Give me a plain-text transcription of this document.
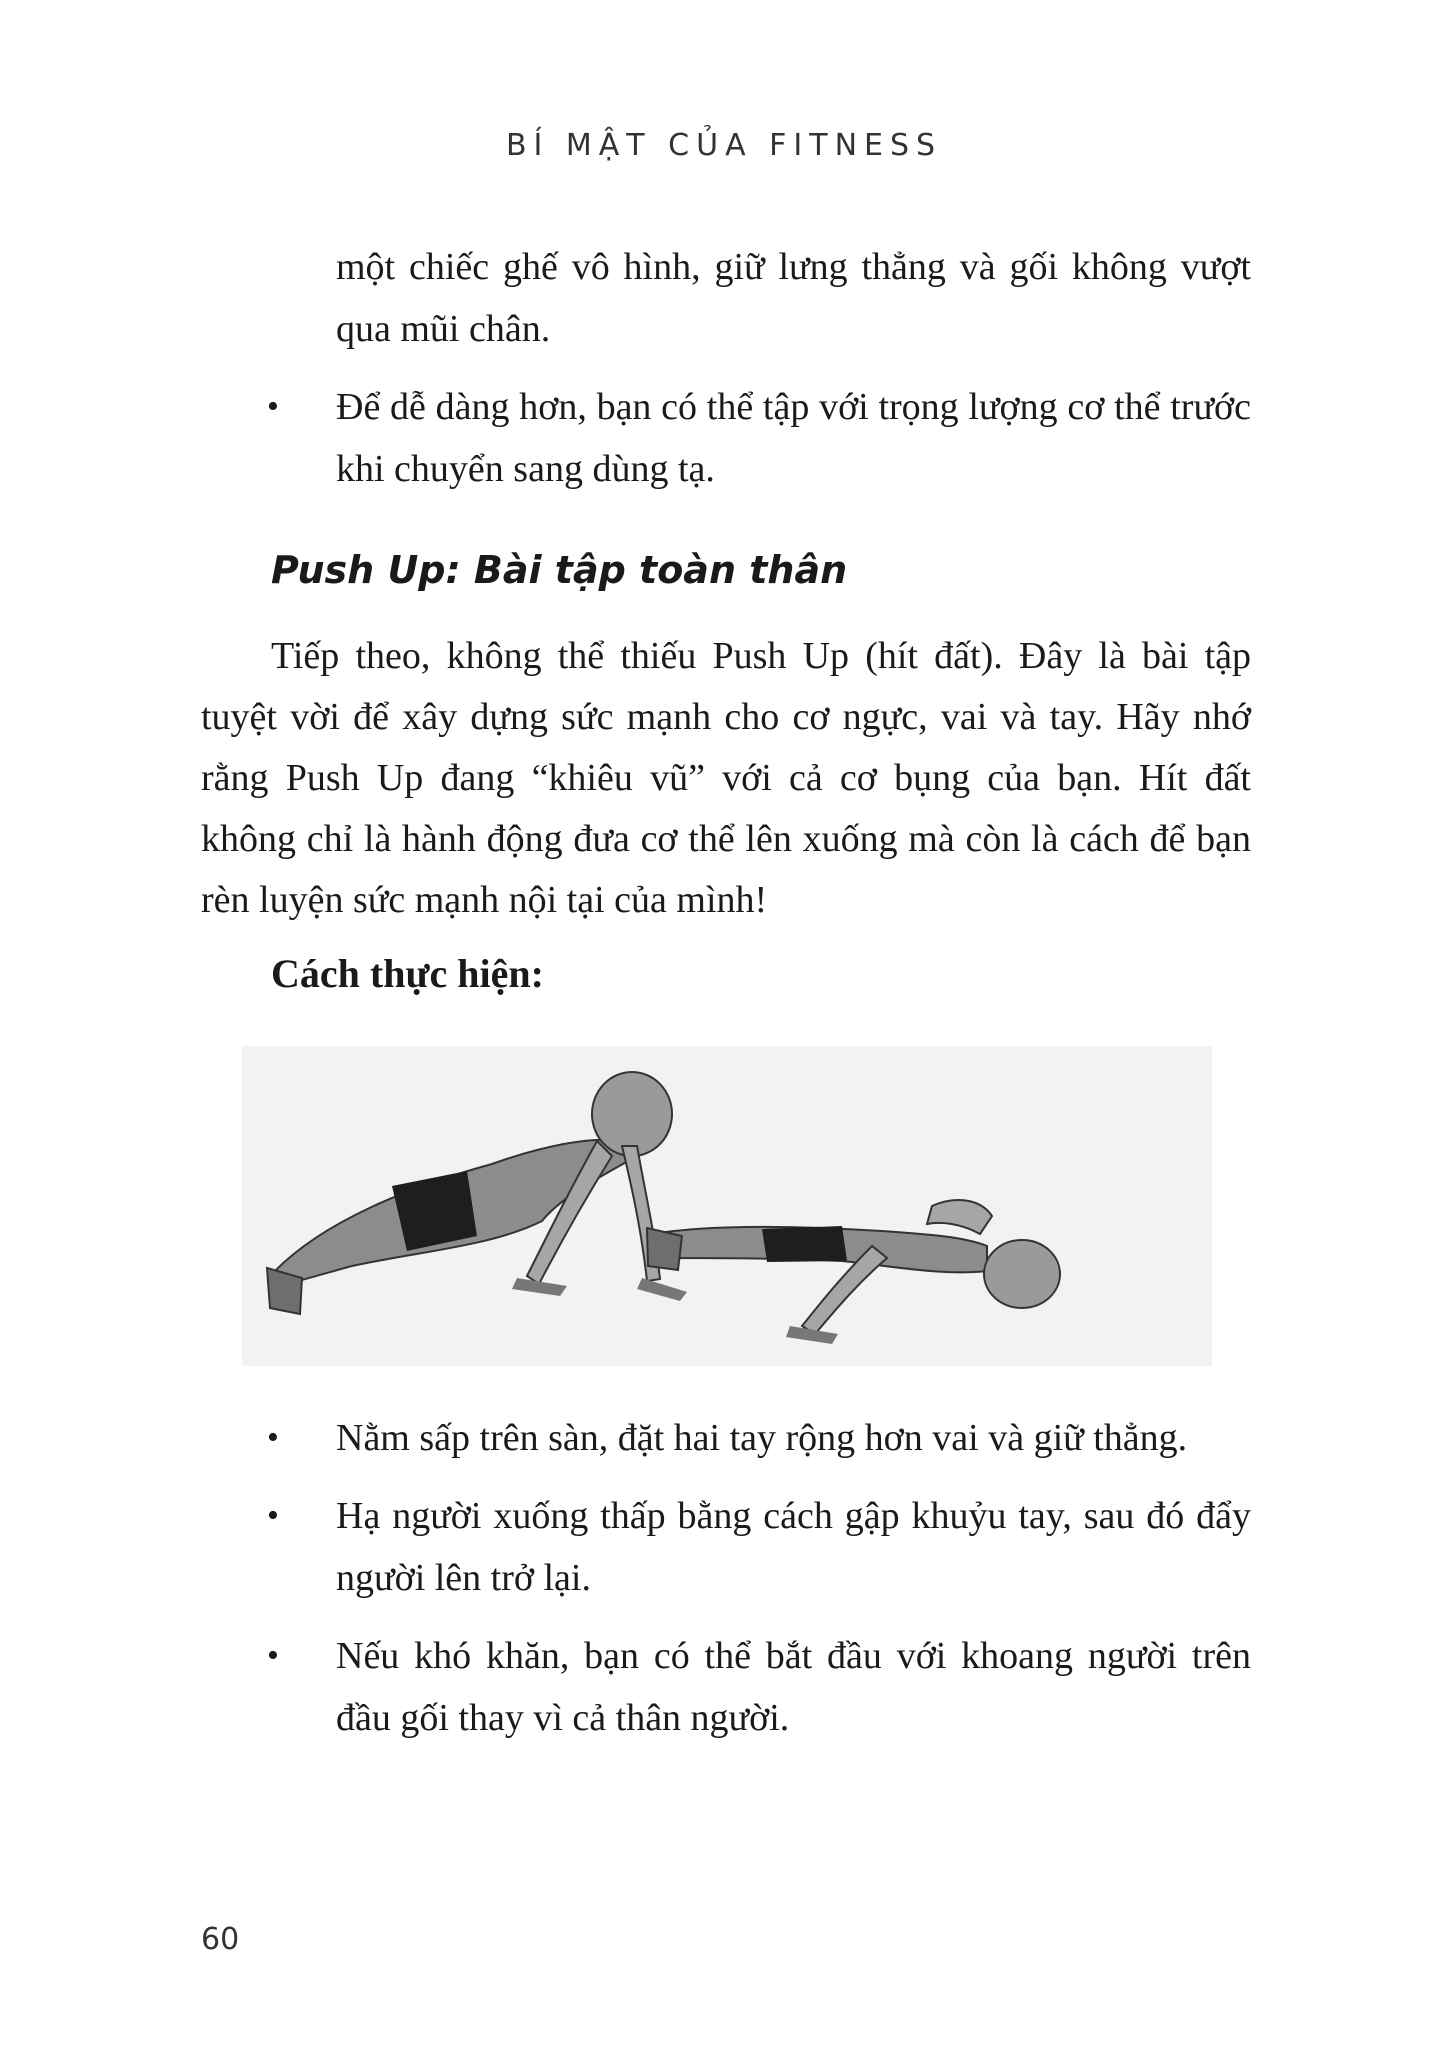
BÍ MẬT CỦA FITNESS

một chiếc ghế vô hình, giữ lưng thẳng và gối không vượt qua mũi chân.

• Để dễ dàng hơn, bạn có thể tập với trọng lượng cơ thể trước khi chuyển sang dùng tạ.
Push Up: Bài tập toàn thân

Tiếp theo, không thể thiếu Push Up (hít đất). Đây là bài tập tuyệt vời để xây dựng sức mạnh cho cơ ngực, vai và tay. Hãy nhớ rằng Push Up đang “khiêu vũ” với cả cơ bụng của bạn. Hít đất không chỉ là hành động đưa cơ thể lên xuống mà còn là cách để bạn rèn luyện sức mạnh nội tại của mình!

Cách thực hiện:
• Nằm sấp trên sàn, đặt hai tay rộng hơn vai và giữ thẳng.
• Hạ người xuống thấp bằng cách gập khuỷu tay, sau đó đẩy người lên trở lại.
• Nếu khó khăn, bạn có thể bắt đầu với khoang người trên đầu gối thay vì cả thân người.
60
